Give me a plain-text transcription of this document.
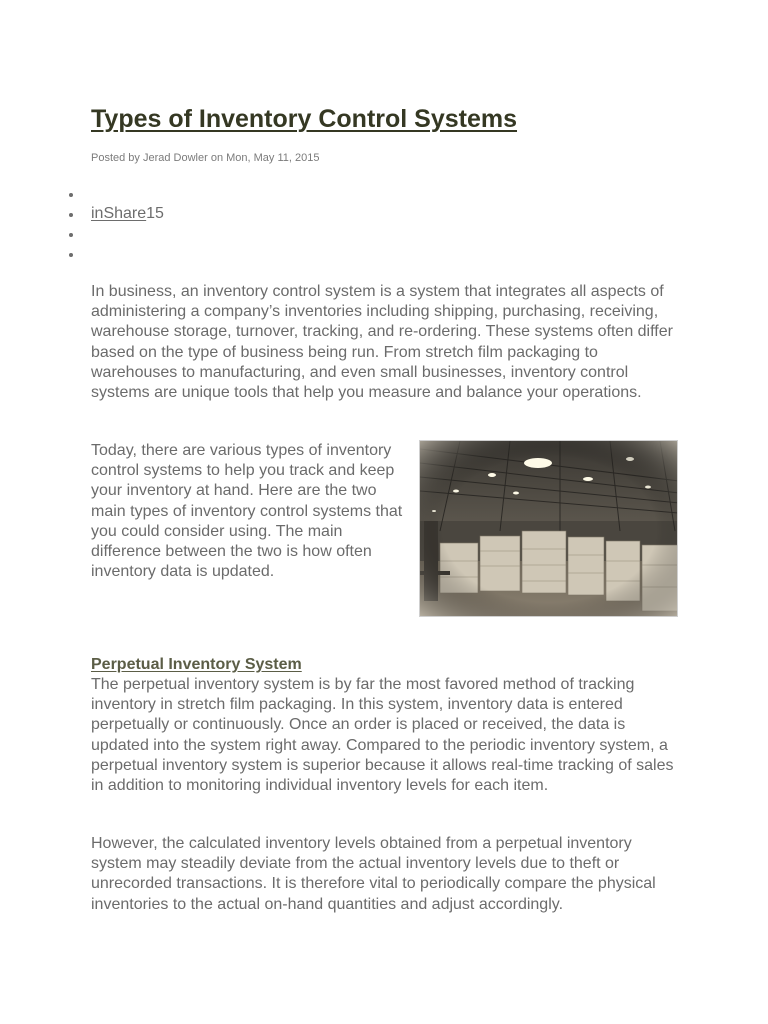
Types of Inventory Control Systems
Posted by Jerad Dowler on Mon, May 11, 2015
inShare15

In business, an inventory control system is a system that integrates all aspects of administering a company’s inventories including shipping, purchasing, receiving, warehouse storage, turnover, tracking, and re-ordering. These systems often differ based on the type of business being run. From stretch film packaging to warehouses to manufacturing, and even small businesses, inventory control systems are unique tools that help you measure and balance your operations.

Today, there are various types of inventory control systems to help you track and keep your inventory at hand. Here are the two main types of inventory control systems that you could consider using. The main difference between the two is how often inventory data is updated.

Perpetual Inventory System

The perpetual inventory system is by far the most favored method of tracking inventory in stretch film packaging. In this system, inventory data is entered perpetually or continuously. Once an order is placed or received, the data is updated into the system right away. Compared to the periodic inventory system, a perpetual inventory system is superior because it allows real-time tracking of sales in addition to monitoring individual inventory levels for each item.

However, the calculated inventory levels obtained from a perpetual inventory system may steadily deviate from the actual inventory levels due to theft or unrecorded transactions. It is therefore vital to periodically compare the physical inventories to the actual on-hand quantities and adjust accordingly.
